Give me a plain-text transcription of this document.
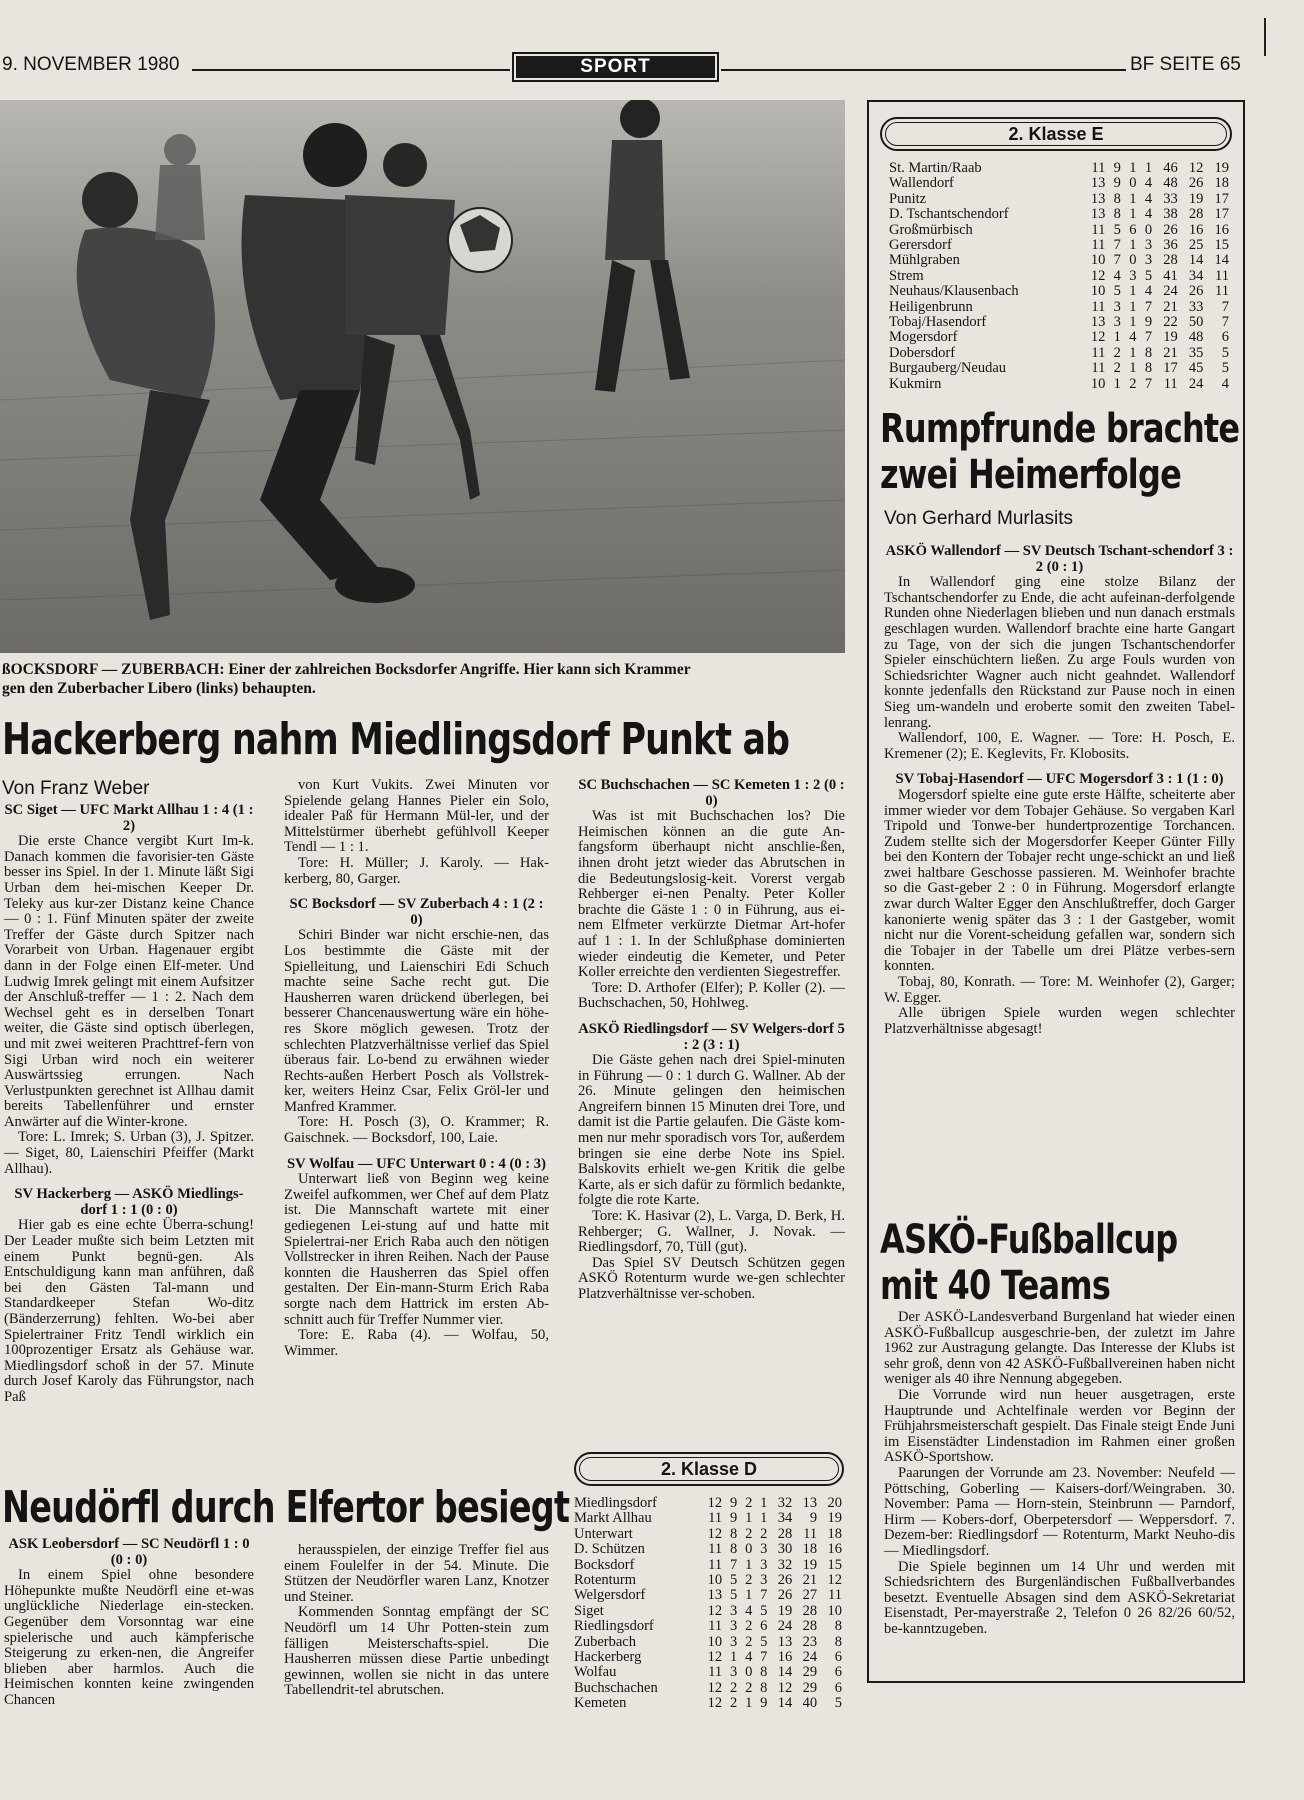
9. NOVEMBER 1980	SPORT	BF SEITE 65
ßOCKSDORF — ZUBERBACH: Einer der zahlreichen Bocksdorfer Angriffe. Hier kann sich Krammer
gen den Zuberbacher Libero (links) behaupten.
Hackerberg nahm Miedlingsdorf Punkt ab
Von Franz Weber

SC Siget — UFC Markt Allhau 1 : 4 (1 : 2)

Die erste Chance vergibt Kurt Im-k. Danach kommen die favorisier-ten Gäste besser ins Spiel. In der 1. Minute läßt Sigi Urban dem hei-mischen Keeper Dr. Teleky aus kur-zer Distanz keine Chance — 0 : 1. Fünf Minuten später der zweite Treffer der Gäste durch Spitzer nach Vorarbeit von Urban. Hagenauer ergibt dann in der Folge einen Elf-meter. Und Ludwig Imrek gelingt mit einem Aufsitzer der Anschluß-treffer — 1 : 2. Nach dem Wechsel geht es in derselben Tonart weiter, die Gäste sind optisch überlegen, und mit zwei weiteren Prachttref-fern von Sigi Urban wird noch ein weiterer Auswärtssieg errungen. Nach Verlustpunkten gerechnet ist Allhau damit bereits Tabellenführer und ernster Anwärter auf die Winter-krone.

Tore: L. Imrek; S. Urban (3), J. Spitzer. — Siget, 80, Laienschiri Pfeiffer (Markt Allhau).

SV Hackerberg — ASKÖ Miedlings-dorf 1 : 1 (0 : 0)

Hier gab es eine echte Überra-schung! Der Leader mußte sich beim Letzten mit einem Punkt begnü-gen. Als Entschuldigung kann man anführen, daß bei den Gästen Tal-mann und Standardkeeper Stefan Wo-ditz (Bänderzerrung) fehlten. Wo-bei aber Spielertrainer Fritz Tendl wirklich ein 100prozentiger Ersatz als Gehäuse war. Miedlingsdorf schoß in der 57. Minute durch Josef Karoly das Führungstor, nach Paß

von Kurt Vukits. Zwei Minuten vor Spielende gelang Hannes Pieler ein Solo, idealer Paß für Hermann Mül-ler, und der Mittelstürmer überhebt gefühlvoll Keeper Tendl — 1 : 1.

Tore: H. Müller; J. Karoly. — Hak-kerberg, 80, Garger.

SC Bocksdorf — SV Zuberbach 4 : 1 (2 : 0)

Schiri Binder war nicht erschie-nen, das Los bestimmte die Gäste mit der Spielleitung, und Laienschiri Edi Schuch machte seine Sache recht gut. Die Hausherren waren drückend überlegen, bei besserer Chancenauswertung wäre ein höhe-res Skore möglich gewesen. Trotz der schlechten Platzverhältnisse verlief das Spiel überaus fair. Lo-bend zu erwähnen wieder Rechts-außen Herbert Posch als Vollstrek-ker, weiters Heinz Csar, Felix Gröl-ler und Manfred Krammer.

Tore: H. Posch (3), O. Krammer; R. Gaischnek. — Bocksdorf, 100, Laie.

SV Wolfau — UFC Unterwart 0 : 4 (0 : 3)

Unterwart ließ von Beginn weg keine Zweifel aufkommen, wer Chef auf dem Platz ist. Die Mannschaft wartete mit einer gediegenen Lei-stung auf und hatte mit Spielertrai-ner Erich Raba auch den nötigen Vollstrecker in ihren Reihen. Nach der Pause konnten die Hausherren das Spiel offen gestalten. Der Ein-mann-Sturm Erich Raba sorgte nach dem Hattrick im ersten Ab-schnitt auch für Treffer Nummer vier.

Tore: E. Raba (4). — Wolfau, 50, Wimmer.

SC Buchschachen — SC Kemeten 1 : 2 (0 : 0)

Was ist mit Buchschachen los? Die Heimischen können an die gute An-fangsform überhaupt nicht anschlie-ßen, ihnen droht jetzt wieder das Abrutschen in die Bedeutungslosig-keit. Vorerst vergab Rehberger ei-nen Penalty. Peter Koller brachte die Gäste 1 : 0 in Führung, aus ei-nem Elfmeter verkürzte Dietmar Art-hofer auf 1 : 1. In der Schlußphase dominierten wieder eindeutig die Kemeter, und Peter Koller erreichte den verdienten Siegestreffer.

Tore: D. Arthofer (Elfer); P. Koller (2). — Buchschachen, 50, Hohlweg.

ASKÖ Riedlingsdorf — SV Welgers-dorf 5 : 2 (3 : 1)

Die Gäste gehen nach drei Spiel-minuten in Führung — 0 : 1 durch G. Wallner. Ab der 26. Minute gelingen den heimischen Angreifern binnen 15 Minuten drei Tore, und damit ist die Partie gelaufen. Die Gäste kom-men nur mehr sporadisch vors Tor, außerdem bringen sie eine derbe Note ins Spiel. Balskovits erhielt we-gen Kritik die gelbe Karte, als er sich dafür zu förmlich bedankte, folgte die rote Karte.

Tore: K. Hasivar (2), L. Varga, D. Berk, H. Rehberger; G. Wallner, J. Novak. — Riedlingsdorf, 70, Tüll (gut).

Das Spiel SV Deutsch Schützen gegen ASKÖ Rotenturm wurde we-gen schlechter Platzverhältnisse ver-schoben.

Neudörfl durch Elfertor besiegt

ASK Leobersdorf — SC Neudörfl 1 : 0 (0 : 0)

In einem Spiel ohne besondere Höhepunkte mußte Neudörfl eine et-was unglückliche Niederlage ein-stecken. Gegenüber dem Vorsonntag war eine spielerische und auch kämpferische Steigerung zu erken-nen, die Angreifer blieben aber harmlos. Auch die Heimischen konnten keine zwingenden Chancen

herausspielen, der einzige Treffer fiel aus einem Foulelfer in der 54. Minute. Die Stützen der Neudörfler waren Lanz, Knotzer und Steiner.

Kommenden Sonntag empfängt der SC Neudörfl um 14 Uhr Potten-stein zum fälligen Meisterschafts-spiel. Die Hausherren müssen diese Partie unbedingt gewinnen, wollen sie nicht in das untere Tabellendrit-tel abrutschen.

2. Klasse D
Miedlingsdorf	12	9	2	1	32	13	20
Markt Allhau	11	9	1	1	34	9	19
Unterwart	12	8	2	2	28	11	18
D. Schützen	11	8	0	3	30	18	16
Bocksdorf	11	7	1	3	32	19	15
Rotenturm	10	5	2	3	26	21	12
Welgersdorf	13	5	1	7	26	27	11
Siget	12	3	4	5	19	28	10
Riedlingsdorf	11	3	2	6	24	28	8
Zuberbach	10	3	2	5	13	23	8
Hackerberg	12	1	4	7	16	24	6
Wolfau	11	3	0	8	14	29	6
Buchschachen	12	2	2	8	12	29	6
Kemeten	12	2	1	9	14	40	5
2. Klasse E
St. Martin/Raab	11	9	1	1	46	12	19
Wallendorf	13	9	0	4	48	26	18
Punitz	13	8	1	4	33	19	17
D. Tschantschendorf	13	8	1	4	38	28	17
Großmürbisch	11	5	6	0	26	16	16
Gerersdorf	11	7	1	3	36	25	15
Mühlgraben	10	7	0	3	28	14	14
Strem	12	4	3	5	41	34	11
Neuhaus/Klausenbach	10	5	1	4	24	26	11
Heiligenbrunn	11	3	1	7	21	33	7
Tobaj/Hasendorf	13	3	1	9	22	50	7
Mogersdorf	12	1	4	7	19	48	6
Dobersdorf	11	2	1	8	21	35	5
Burgauberg/Neudau	11	2	1	8	17	45	5
Kukmirn	10	1	2	7	11	24	4
Rumpfrunde brachte
zwei Heimerfolge
Von Gerhard Murlasits

ASKÖ Wallendorf — SV Deutsch Tschant-schendorf 3 : 2 (0 : 1)

In Wallendorf ging eine stolze Bilanz der Tschantschendorfer zu Ende, die acht aufeinan-derfolgende Runden ohne Niederlagen blieben und nun danach erstmals geschlagen wurden. Wallendorf brachte eine harte Gangart zu Tage, von der sich die jungen Tschantschendorfer Spieler einschüchtern ließen. Zu arge Fouls wurden von Schiedsrichter Wagner auch nicht geahndet. Wallendorf konnte jedenfalls den Rückstand zur Pause noch in einen Sieg um-wandeln und eroberte somit den zweiten Tabel-lenrang.

Wallendorf, 100, E. Wagner. — Tore: H. Posch, E. Kremener (2); E. Keglevits, Fr. Klobosits.

SV Tobaj-Hasendorf — UFC Mogersdorf 3 : 1 (1 : 0)

Mogersdorf spielte eine gute erste Hälfte, scheiterte aber immer wieder vor dem Tobajer Gehäuse. So vergaben Karl Tripold und Tonwe-ber hundertprozentige Torchancen. Zudem stellte sich der Mogersdorfer Keeper Günter Filly bei den Kontern der Tobajer recht unge-schickt an und ließ zwei haltbare Geschosse passieren. M. Weinhofer brachte so die Gast-geber 2 : 0 in Führung. Mogersdorf erlangte zwar durch Walter Egger den Anschlußtreffer, doch Garger kanonierte wenig später das 3 : 1 der Gastgeber, womit nicht nur die Vorent-scheidung gefallen war, sondern sich die Tobajer in der Tabelle um drei Plätze verbes-sern konnten.

Tobaj, 80, Konrath. — Tore: M. Weinhofer (2), Garger; W. Egger.

Alle übrigen Spiele wurden wegen schlechter Platzverhältnisse abgesagt!

ASKÖ-Fußballcup
mit 40 Teams

Der ASKÖ-Landesverband Burgenland hat wieder einen ASKÖ-Fußballcup ausgeschrie-ben, der zuletzt im Jahre 1962 zur Austragung gelangte. Das Interesse der Klubs ist sehr groß, denn von 42 ASKÖ-Fußballvereinen haben nicht weniger als 40 ihre Nennung abgegeben.

Die Vorrunde wird nun heuer ausgetragen, erste Hauptrunde und Achtelfinale werden vor Beginn der Frühjahrsmeisterschaft gespielt. Das Finale steigt Ende Juni im Eisenstädter Lindenstadion im Rahmen einer großen ASKÖ-Sportshow.

Paarungen der Vorrunde am 23. November: Neufeld — Pöttsching, Goberling — Kaisers-dorf/Weingraben. 30. November: Pama — Horn-stein, Steinbrunn — Parndorf, Hirm — Kobers-dorf, Oberpetersdorf — Weppersdorf. 7. Dezem-ber: Riedlingsdorf — Rotenturm, Markt Neuho-dis — Miedlingsdorf.

Die Spiele beginnen um 14 Uhr und werden mit Schiedsrichtern des Burgenländischen Fußballverbandes besetzt. Eventuelle Absagen sind dem ASKÖ-Sekretariat Eisenstadt, Per-mayerstraße 2, Telefon 0 26 82/26 60/52, be-kanntzugeben.
